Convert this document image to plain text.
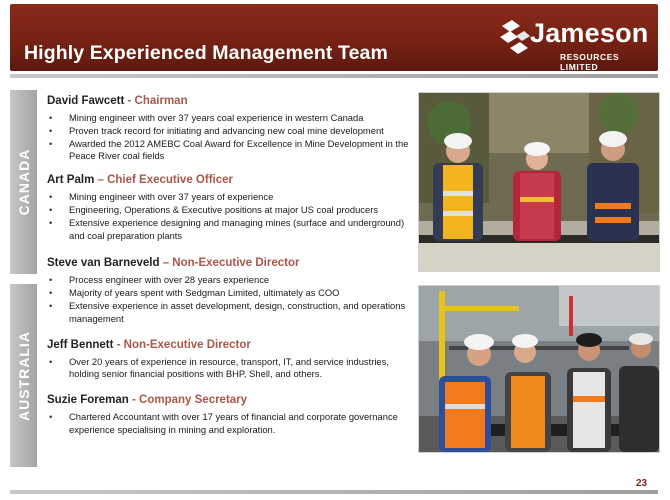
Highly Experienced Management Team
Jameson
RESOURCES LIMITED
CANADA
AUSTRALIA
David Fawcett - Chairman
• Mining engineer with over 37 years coal experience in western Canada
• Proven track record for initiating and advancing new coal mine development
• Awarded the 2012 AMEBC Coal Award for Excellence in Mine Development in the Peace River coal fields
Art Palm – Chief Executive Officer
• Mining engineer with over 37 years of experience
• Engineering, Operations & Executive positions at major US coal producers
• Extensive experience designing and managing mines (surface and underground) and coal preparation plants
Steve van Barneveld – Non-Executive Director
• Process engineer with over 28 years experience
• Majority of years spent with Sedgman Limited, ultimately as COO
• Extensive experience in asset development, design, construction, and operations management
Jeff Bennett - Non-Executive Director
• Over 20 years of experience in resource, transport, IT, and service industries, holding senior financial positions with BHP, Shell, and others.
Suzie Foreman - Company Secretary
• Chartered Accountant with over 17 years of financial and corporate governance experience specialising in mining and exploration.
23
